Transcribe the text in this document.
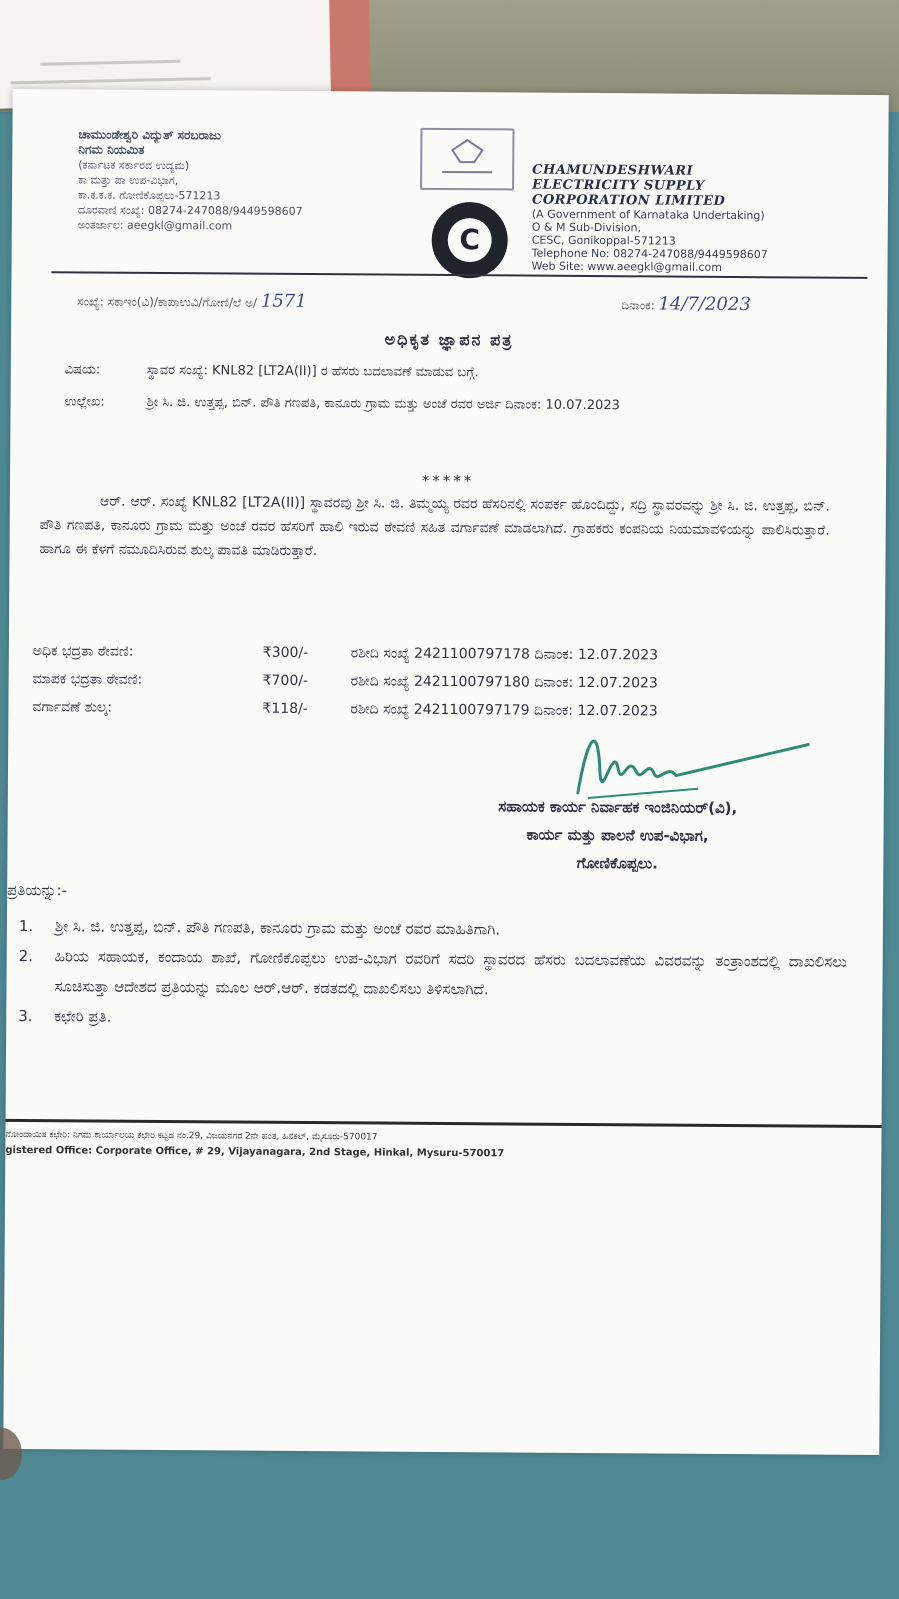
ಚಾಮುಂಡೇಶ್ವರಿ ವಿದ್ಯುತ್ ಸರಬರಾಜು
ನಿಗಮ ನಿಯಮಿತ
(ಕರ್ನಾಟಕ ಸರ್ಕಾರದ ಉದ್ಯಮ)
ಕಾ ಮತ್ತು ಪಾ ಉಪ-ವಿಭಾಗ,
ಕಾ.ಕ.ಕ.ಕ. ಗೋಣಿಕೊಪ್ಪಲು-571213
ದೂರವಾಣಿ ಸಂಖ್ಯೆ: 08274-247088/9449598607
ಅಂತರ್ಜಾಲ: aeegkl@gmail.com	C
CHAMUNDESHWARI
ELECTRICITY SUPPLY
CORPORATION LIMITED
(A Government of Karnataka Undertaking)
O & M Sub-Division,
CESC, Gonikoppal-571213
Telephone No: 08274-247088/9449598607
Web Site: www.aeegkl@gmail.com
ಸಂಖ್ಯೆ: ಸಕಾಇಂ(ವಿ)/ಕಾಪಾಉವಿ/ಗೋಣಿ/ಲೆ ಅ/ 1571	ದಿನಾಂಕ: 14/7/2023
ಅಧಿಕೃತ ಜ್ಞಾಪನ ಪತ್ರ
ವಿಷಯ:	ಸ್ಥಾವರ ಸಂಖ್ಯೆ: KNL82 [LT2A(II)] ರ ಹೆಸರು ಬದಲಾವಣೆ ಮಾಡುವ ಬಗ್ಗೆ.
ಉಲ್ಲೇಖ:	ಶ್ರೀ ಸಿ. ಜಿ. ಉತ್ತಪ್ಪ, ಬಿನ್. ಪೌತಿ ಗಣಪತಿ, ಕಾನೂರು ಗ್ರಾಮ ಮತ್ತು ಅಂಚೆ ರವರ ಅರ್ಜಿ ದಿನಾಂಕ: 10.07.2023
*****
ಆರ್. ಆರ್. ಸಂಖ್ಯೆ KNL82 [LT2A(II)] ಸ್ಥಾವರವು ಶ್ರೀ ಸಿ. ಜಿ. ತಿಮ್ಮಯ್ಯ ರವರ ಹೆಸರಿನಲ್ಲಿ ಸಂಪರ್ಕ ಹೊಂದಿದ್ದು, ಸದ್ರಿ ಸ್ಥಾವರವನ್ನು ಶ್ರೀ ಸಿ. ಜಿ. ಉತ್ತಪ್ಪ, ಬಿನ್. ಪೌತಿ ಗಣಪತಿ, ಕಾನೂರು ಗ್ರಾಮ ಮತ್ತು ಅಂಚೆ ರವರ ಹೆಸರಿಗೆ ಹಾಲಿ ಇರುವ ಠೇವಣಿ ಸಹಿತ ವರ್ಗಾವಣೆ ಮಾಡಲಾಗಿದೆ. ಗ್ರಾಹಕರು ಕಂಪನಿಯ ನಿಯಮಾವಳಿಯನ್ನು ಪಾಲಿಸಿರುತ್ತಾರೆ. ಹಾಗೂ ಈ ಕೆಳಗೆ ನಮೂದಿಸಿರುವ ಶುಲ್ಕ ಪಾವತಿ ಮಾಡಿರುತ್ತಾರೆ.
ಅಧಿಕ ಭದ್ರತಾ ಠೇವಣಿ:	₹300/-	ರಶೀದಿ ಸಂಖ್ಯೆ 2421100797178 ದಿನಾಂಕ: 12.07.2023
ಮಾಪಕ ಭದ್ರತಾ ಠೇವಣಿ:	₹700/-	ರಶೀದಿ ಸಂಖ್ಯೆ 2421100797180 ದಿನಾಂಕ: 12.07.2023
ವರ್ಗಾವಣೆ ಶುಲ್ಕ:	₹118/-	ರಶೀದಿ ಸಂಖ್ಯೆ 2421100797179 ದಿನಾಂಕ: 12.07.2023
ಸಹಾಯಕ ಕಾರ್ಯ ನಿರ್ವಾಹಕ ಇಂಜಿನಿಯರ್(ವಿ),
ಕಾರ್ಯ ಮತ್ತು ಪಾಲನೆ ಉಪ-ವಿಭಾಗ,
ಗೋಣಿಕೊಪ್ಪಲು.
ಪ್ರತಿಯನ್ನು:-
1.	ಶ್ರೀ ಸಿ. ಜಿ. ಉತ್ತಪ್ಪ, ಬಿನ್. ಪೌತಿ ಗಣಪತಿ, ಕಾನೂರು ಗ್ರಾಮ ಮತ್ತು ಅಂಚೆ ರವರ ಮಾಹಿತಿಗಾಗಿ.
2.	ಹಿರಿಯ ಸಹಾಯಕ, ಕಂದಾಯ ಶಾಖೆ, ಗೋಣಿಕೊಪ್ಪಲು ಉಪ-ವಿಭಾಗ ರವರಿಗೆ ಸದರಿ ಸ್ಥಾವರದ ಹೆಸರು ಬದಲಾವಣೆಯ ವಿವರವನ್ನು ತಂತ್ರಾಂಶದಲ್ಲಿ ದಾಖಲಿಸಲು ಸೂಚಿಸುತ್ತಾ ಆದೇಶದ ಪ್ರತಿಯನ್ನು ಮೂಲ ಆರ್.ಆರ್. ಕಡತದಲ್ಲಿ ದಾಖಲಿಸಲು ತಿಳಿಸಲಾಗಿದೆ.
3.	ಕಛೇರಿ ಪ್ರತಿ.
ನೋಂದಾಯಿತ ಕಛೇರಿ: ನಿಗಮ ಕಾರ್ಯಾಲಯ ಕಛೇರಿ ಕಟ್ಟಡ ನಂ.29, ವಿಜಯನಗರ 2ನೇ ಹಂತ, ಹಿನಕಲ್, ಮೈಸೂರು-570017
gistered Office: Corporate Office, # 29, Vijayanagara, 2nd Stage, Hinkal, Mysuru-570017
